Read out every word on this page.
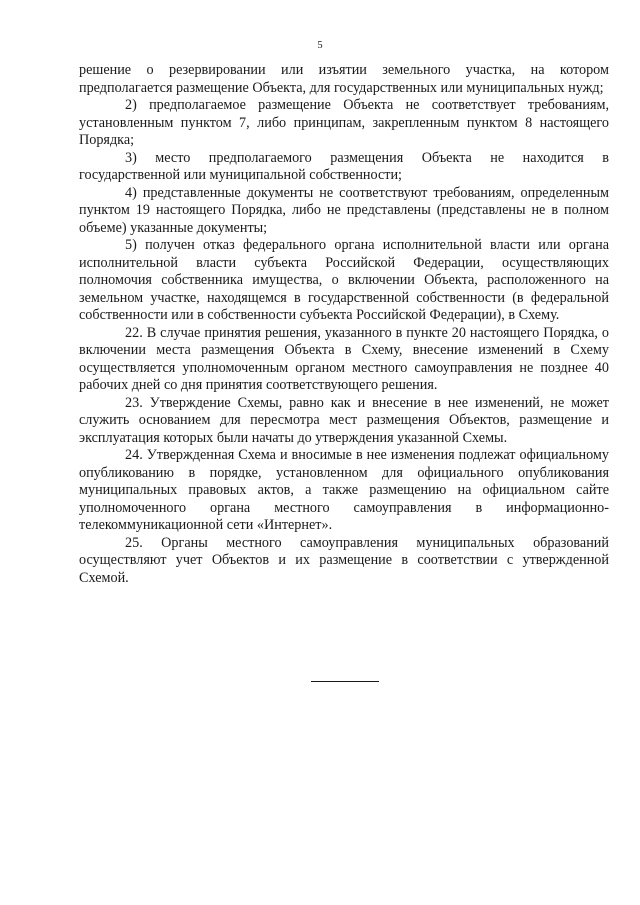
5

решение о резервировании или изъятии земельного участка, на котором предполагается размещение Объекта, для государственных или муниципальных нужд;

2) предполагаемое размещение Объекта не соответствует требованиям, установленным пунктом 7, либо принципам, закрепленным пунктом 8 настоящего Порядка;

3) место предполагаемого размещения Объекта не находится в государственной или муниципальной собственности;

4) представленные документы не соответствуют требованиям, определенным пунктом 19 настоящего Порядка, либо не представлены (представлены не в полном объеме) указанные документы;

5) получен отказ федерального органа исполнительной власти или органа исполнительной власти субъекта Российской Федерации, осуществляющих полномочия собственника имущества, о включении Объекта, расположенного на земельном участке, находящемся в государственной собственности (в федеральной собственности или в собственности субъекта Российской Федерации), в Схему.

22. В случае принятия решения, указанного в пункте 20 настоящего Порядка, о включении места размещения Объекта в Схему, внесение изменений в Схему осуществляется уполномоченным органом местного самоуправления не позднее 40 рабочих дней со дня принятия соответствующего решения.

23. Утверждение Схемы, равно как и внесение в нее изменений, не может служить основанием для пересмотра мест размещения Объектов, размещение и эксплуатация которых были начаты до утверждения указанной Схемы.

24. Утвержденная Схема и вносимые в нее изменения подлежат официальному опубликованию в порядке, установленном для официального опубликования муниципальных правовых актов, а также размещению на официальном сайте уполномоченного органа местного самоуправления в информационно-телекоммуникационной сети «Интернет».

25. Органы местного самоуправления муниципальных образований осуществляют учет Объектов и их размещение в соответствии с утвержденной Схемой.
